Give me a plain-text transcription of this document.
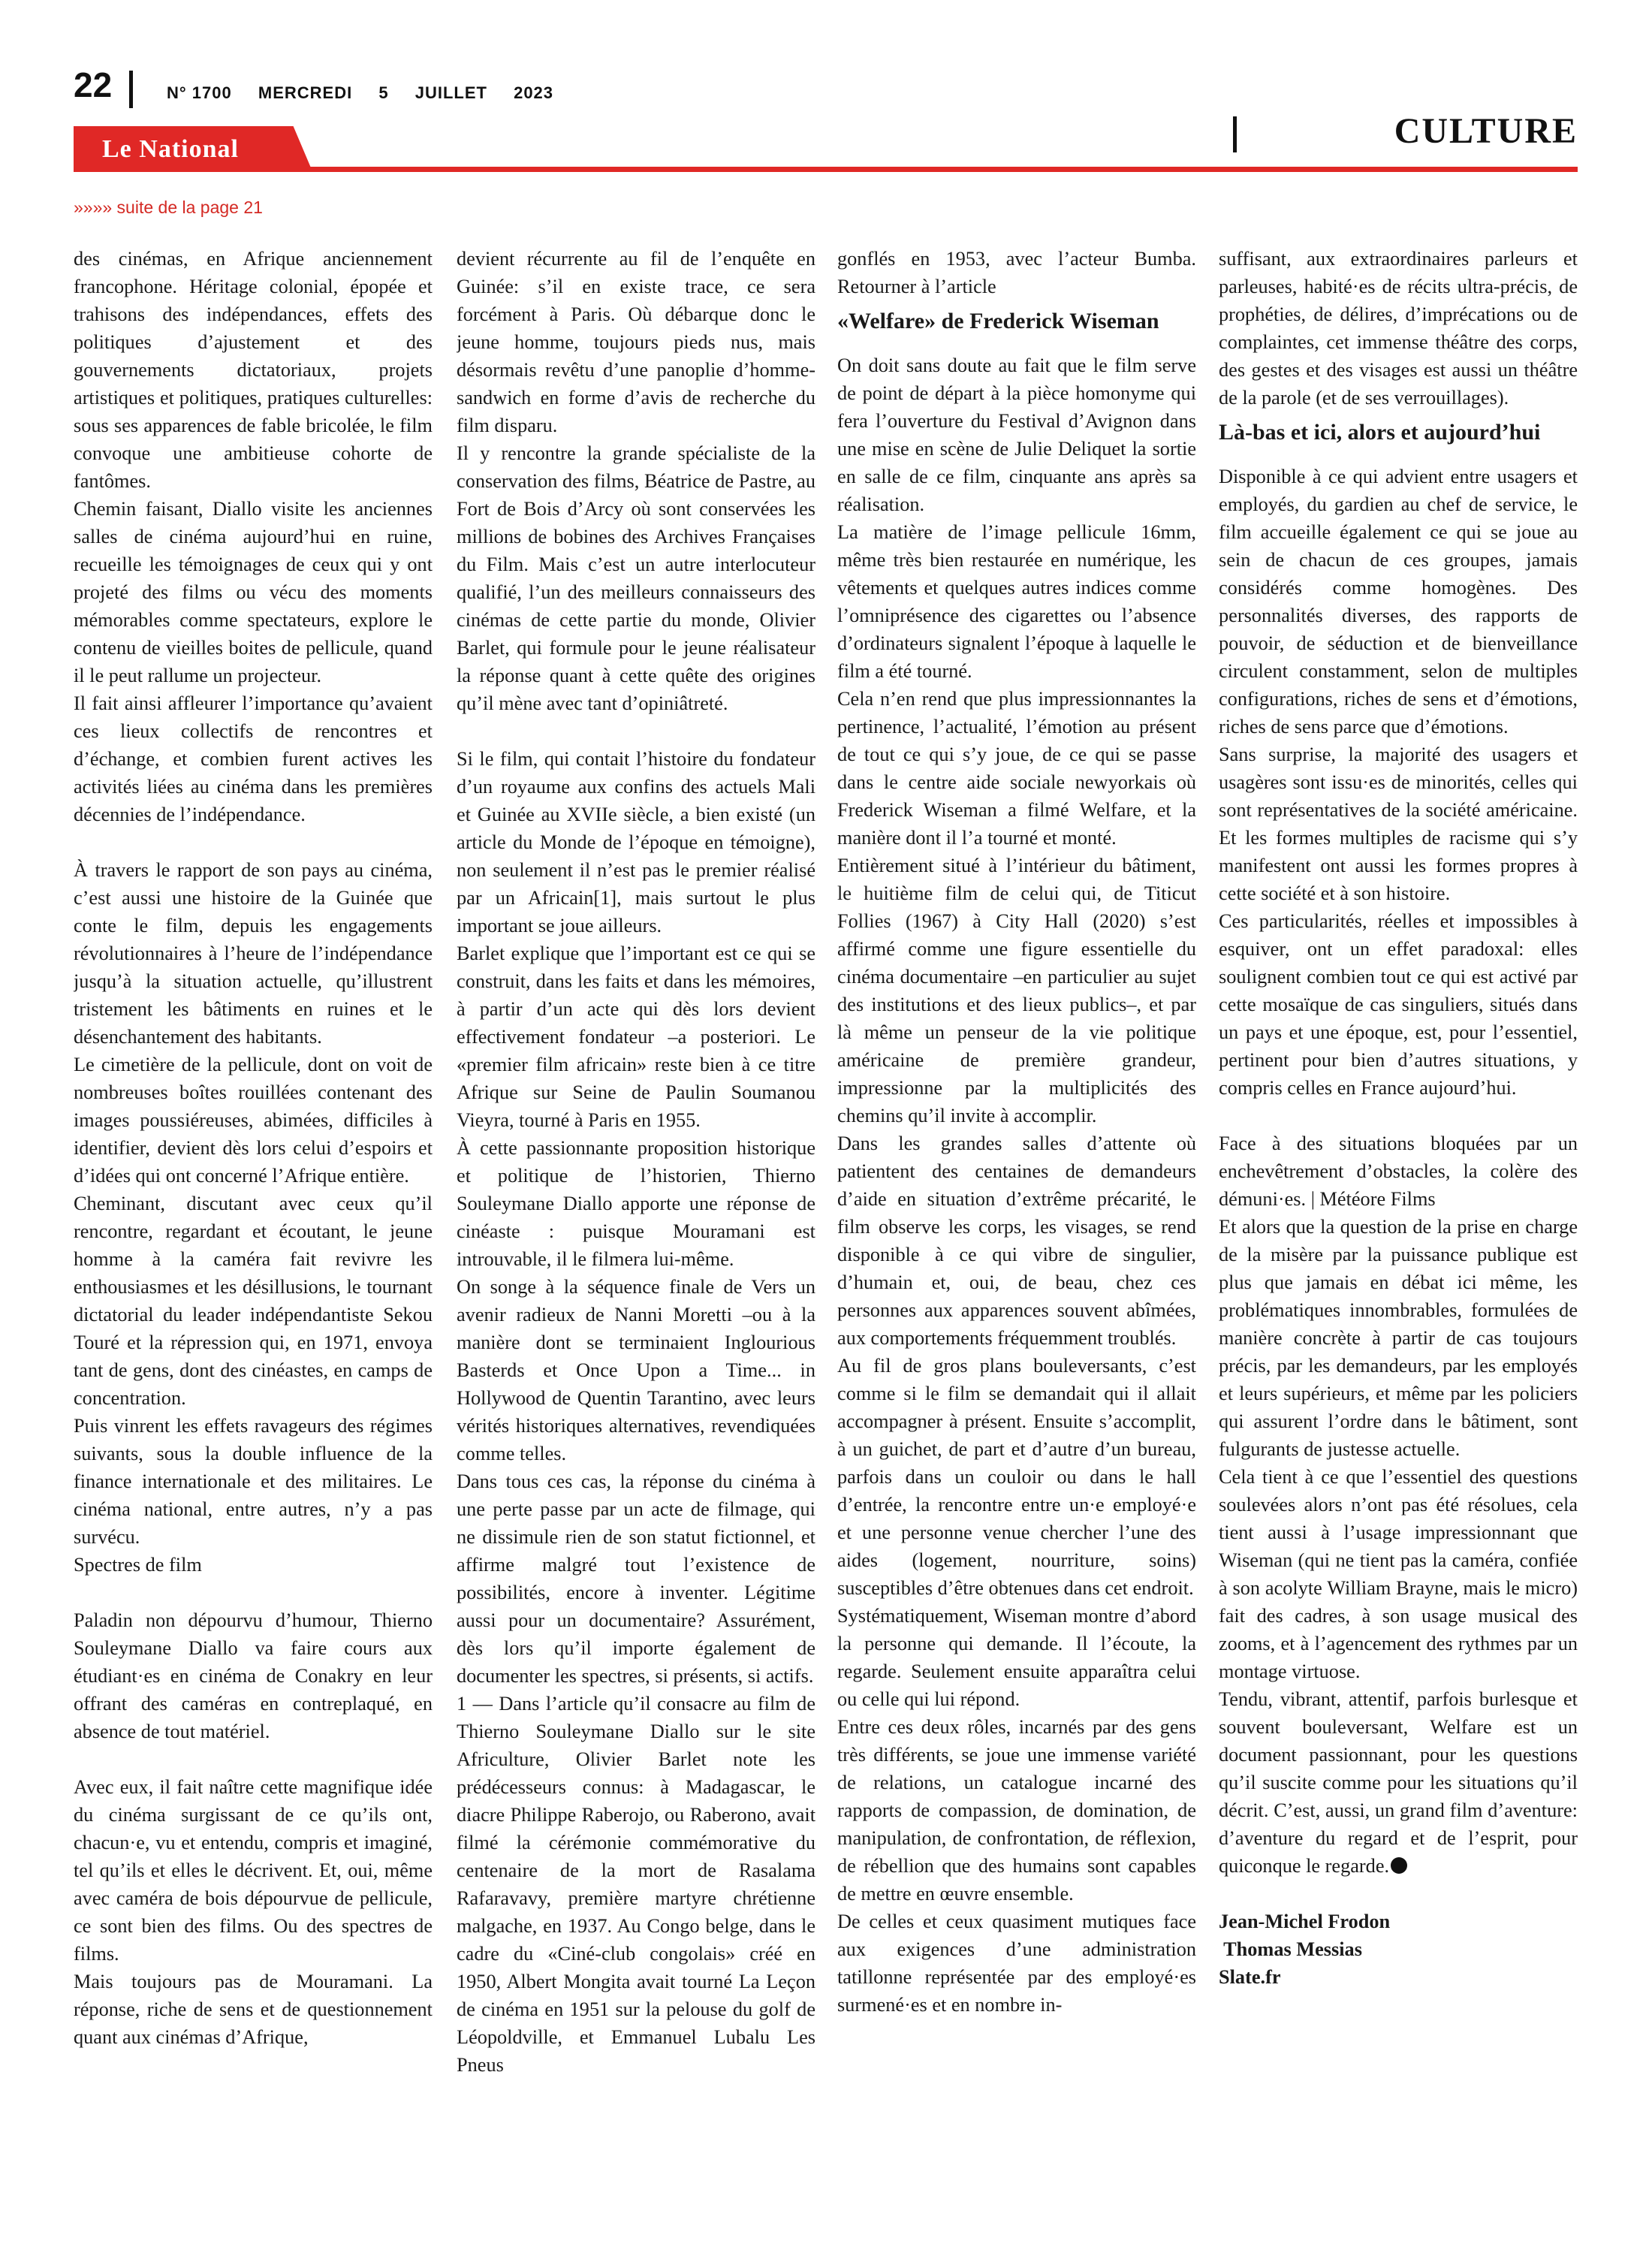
22	N° 1700 MERCREDI 5 JUILLET 2023
Le National	CULTURE
»»»» suite de la page 21

des cinémas, en Afrique anciennement francophone. Héritage colonial, épopée et trahisons des indépendances, effets des politiques d’ajustement et des gouvernements dictatoriaux, projets artistiques et politiques, pratiques culturelles: sous ses apparences de fable bricolée, le film convoque une ambitieuse cohorte de fantômes.

Chemin faisant, Diallo visite les anciennes salles de cinéma aujourd’hui en ruine, recueille les témoignages de ceux qui y ont projeté des films ou vécu des moments mémorables comme spectateurs, explore le contenu de vieilles boites de pellicule, quand il le peut rallume un projecteur.

Il fait ainsi affleurer l’importance qu’avaient ces lieux collectifs de rencontres et d’échange, et combien furent actives les activités liées au cinéma dans les premières décennies de l’indépendance.

À travers le rapport de son pays au cinéma, c’est aussi une histoire de la Guinée que conte le film, depuis les engagements révolutionnaires à l’heure de l’indépendance jusqu’à la situation actuelle, qu’illustrent tristement les bâtiments en ruines et le désenchantement des habitants.

Le cimetière de la pellicule, dont on voit de nombreuses boîtes rouillées contenant des images poussiéreuses, abimées, difficiles à identifier, devient dès lors celui d’espoirs et d’idées qui ont concerné l’Afrique entière.

Cheminant, discutant avec ceux qu’il rencontre, regardant et écoutant, le jeune homme à la caméra fait revivre les enthousiasmes et les désillusions, le tournant dictatorial du leader indépendantiste Sekou Touré et la répression qui, en 1971, envoya tant de gens, dont des cinéastes, en camps de concentration.

Puis vinrent les effets ravageurs des régimes suivants, sous la double influence de la finance internationale et des militaires. Le cinéma national, entre autres, n’y a pas survécu.

Spectres de film

Paladin non dépourvu d’humour, Thierno Souleymane Diallo va faire cours aux étudiant·es en cinéma de Conakry en leur offrant des caméras en contreplaqué, en absence de tout matériel.

Avec eux, il fait naître cette magnifique idée du cinéma surgissant de ce qu’ils ont, chacun·e, vu et entendu, compris et imaginé, tel qu’ils et elles le décrivent. Et, oui, même avec caméra de bois dépourvue de pellicule, ce sont bien des films. Ou des spectres de films.

Mais toujours pas de Mouramani. La réponse, riche de sens et de questionnement quant aux cinémas d’Afrique,

devient récurrente au fil de l’enquête en Guinée: s’il en existe trace, ce sera forcément à Paris. Où débarque donc le jeune homme, toujours pieds nus, mais désormais revêtu d’une panoplie d’homme-sandwich en forme d’avis de recherche du film disparu.

Il y rencontre la grande spécialiste de la conservation des films, Béatrice de Pastre, au Fort de Bois d’Arcy où sont conservées les millions de bobines des Archives Françaises du Film. Mais c’est un autre interlocuteur qualifié, l’un des meilleurs connaisseurs des cinémas de cette partie du monde, Olivier Barlet, qui formule pour le jeune réalisateur la réponse quant à cette quête des origines qu’il mène avec tant d’opiniâtreté.

Si le film, qui contait l’histoire du fondateur d’un royaume aux confins des actuels Mali et Guinée au XVIIe siècle, a bien existé (un article du Monde de l’époque en témoigne), non seulement il n’est pas le premier réalisé par un Africain[1], mais surtout le plus important se joue ailleurs.

Barlet explique que l’important est ce qui se construit, dans les faits et dans les mémoires, à partir d’un acte qui dès lors devient effectivement fondateur –a posteriori. Le «premier film africain» reste bien à ce titre Afrique sur Seine de Paulin Soumanou Vieyra, tourné à Paris en 1955.

À cette passionnante proposition historique et politique de l’historien, Thierno Souleymane Diallo apporte une réponse de cinéaste : puisque Mouramani est introuvable, il le filmera lui-même.

On songe à la séquence finale de Vers un avenir radieux de Nanni Moretti –ou à la manière dont se terminaient Inglourious Basterds et Once Upon a Time... in Hollywood de Quentin Tarantino, avec leurs vérités historiques alternatives, revendiquées comme telles.

Dans tous ces cas, la réponse du cinéma à une perte passe par un acte de filmage, qui ne dissimule rien de son statut fictionnel, et affirme malgré tout l’existence de possibilités, encore à inventer. Légitime aussi pour un documentaire? Assurément, dès lors qu’il importe également de documenter les spectres, si présents, si actifs.

1 — Dans l’article qu’il consacre au film de Thierno Souleymane Diallo sur le site Africulture, Olivier Barlet note les prédécesseurs connus: à Madagascar, le diacre Philippe Raberojo, ou Raberono, avait filmé la cérémonie commémorative du centenaire de la mort de Rasalama Rafaravavy, première martyre chrétienne malgache, en 1937. Au Congo belge, dans le cadre du «Ciné-club congolais» créé en 1950, Albert Mongita avait tourné La Leçon de cinéma en 1951 sur la pelouse du golf de Léopoldville, et Emmanuel Lubalu Les Pneus

gonflés en 1953, avec l’acteur Bumba. Retourner à l’article

«Welfare» de Frederick Wiseman

On doit sans doute au fait que le film serve de point de départ à la pièce homonyme qui fera l’ouverture du Festival d’Avignon dans une mise en scène de Julie Deliquet la sortie en salle de ce film, cinquante ans après sa réalisation.

La matière de l’image pellicule 16mm, même très bien restaurée en numérique, les vêtements et quelques autres indices comme l’omniprésence des cigarettes ou l’absence d’ordinateurs signalent l’époque à laquelle le film a été tourné.

Cela n’en rend que plus impressionnantes la pertinence, l’actualité, l’émotion au présent de tout ce qui s’y joue, de ce qui se passe dans le centre aide sociale newyorkais où Frederick Wiseman a filmé Welfare, et la manière dont il l’a tourné et monté.

Entièrement situé à l’intérieur du bâtiment, le huitième film de celui qui, de Titicut Follies (1967) à City Hall (2020) s’est affirmé comme une figure essentielle du cinéma documentaire –en particulier au sujet des institutions et des lieux publics–, et par là même un penseur de la vie politique américaine de première grandeur, impressionne par la multiplicités des chemins qu’il invite à accomplir.

Dans les grandes salles d’attente où patientent des centaines de demandeurs d’aide en situation d’extrême précarité, le film observe les corps, les visages, se rend disponible à ce qui vibre de singulier, d’humain et, oui, de beau, chez ces personnes aux apparences souvent abîmées, aux comportements fréquemment troublés.

Au fil de gros plans bouleversants, c’est comme si le film se demandait qui il allait accompagner à présent. Ensuite s’accomplit, à un guichet, de part et d’autre d’un bureau, parfois dans un couloir ou dans le hall d’entrée, la rencontre entre un·e employé·e et une personne venue chercher l’une des aides (logement, nourriture, soins) susceptibles d’être obtenues dans cet endroit.

Systématiquement, Wiseman montre d’abord la personne qui demande. Il l’écoute, la regarde. Seulement ensuite apparaîtra celui ou celle qui lui répond.

Entre ces deux rôles, incarnés par des gens très différents, se joue une immense variété de relations, un catalogue incarné des rapports de compassion, de domination, de manipulation, de confrontation, de réflexion, de rébellion que des humains sont capables de mettre en œuvre ensemble.

De celles et ceux quasiment mutiques face aux exigences d’une administration tatillonne représentée par des employé·es surmené·es et en nombre in-

suffisant, aux extraordinaires parleurs et parleuses, habité·es de récits ultra-précis, de prophéties, de délires, d’imprécations ou de complaintes, cet immense théâtre des corps, des gestes et des visages est aussi un théâtre de la parole (et de ses verrouillages).

Là-bas et ici, alors et aujourd’hui

Disponible à ce qui advient entre usagers et employés, du gardien au chef de service, le film accueille également ce qui se joue au sein de chacun de ces groupes, jamais considérés comme homogènes. Des personnalités diverses, des rapports de pouvoir, de séduction et de bienveillance circulent constamment, selon de multiples configurations, riches de sens et d’émotions, riches de sens parce que d’émotions.

Sans surprise, la majorité des usagers et usagères sont issu·es de minorités, celles qui sont représentatives de la société américaine. Et les formes multiples de racisme qui s’y manifestent ont aussi les formes propres à cette société et à son histoire.

Ces particularités, réelles et impossibles à esquiver, ont un effet paradoxal: elles soulignent combien tout ce qui est activé par cette mosaïque de cas singuliers, situés dans un pays et une époque, est, pour l’essentiel, pertinent pour bien d’autres situations, y compris celles en France aujourd’hui.

Face à des situations bloquées par un enchevêtrement d’obstacles, la colère des démuni·es. | Météore Films

Et alors que la question de la prise en charge de la misère par la puissance publique est plus que jamais en débat ici même, les problématiques innombrables, formulées de manière concrète à partir de cas toujours précis, par les demandeurs, par les employés et leurs supérieurs, et même par les policiers qui assurent l’ordre dans le bâtiment, sont fulgurants de justesse actuelle.

Cela tient à ce que l’essentiel des questions soulevées alors n’ont pas été résolues, cela tient aussi à l’usage impressionnant que Wiseman (qui ne tient pas la caméra, confiée à son acolyte William Brayne, mais le micro) fait des cadres, à son usage musical des zooms, et à l’agencement des rythmes par un montage virtuose.

Tendu, vibrant, attentif, parfois burlesque et souvent bouleversant, Welfare est un document passionnant, pour les questions qu’il suscite comme pour les situations qu’il décrit. C’est, aussi, un grand film d’aventure: d’aventure du regard et de l’esprit, pour quiconque le regarde.

Jean-Michel Frodon

Thomas Messias

Slate.fr
